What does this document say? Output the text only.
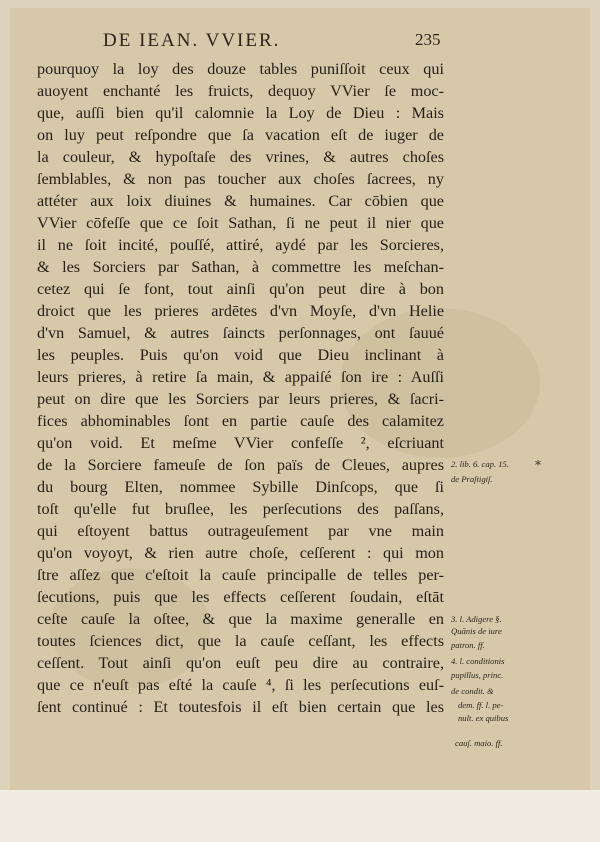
DE IEAN. VVIER.	235
pourquoy la loy des douze tables puniſſoit ceux qui
auoyent enchanté les fruicts, dequoy VVier ſe moc-
que, auſſi bien qu'il calomnie la Loy de Dieu : Mais
on luy peut reſpondre que ſa vacation eſt de iuger de
la couleur, & hypoſtaſe des vrines, & autres choſes
ſemblables, & non pas toucher aux choſes ſacrees, ny
attéter aux loix diuines & humaines. Car cōbien que
VVier cōfeſſe que ce ſoit Sathan, ſi ne peut il nier que
il ne ſoit incité, pouſſé, attiré, aydé par les Sorcieres,
& les Sorciers par Sathan, à commettre les meſchan-
cetez qui ſe font, tout ainſi qu'on peut dire à bon
droict que les prieres ardētes d'vn Moyſe, d'vn Helie
d'vn Samuel, & autres ſaincts perſonnages, ont ſauué
les peuples. Puis qu'on void que Dieu inclinant à
leurs prieres, à retire ſa main, & appaiſé ſon ire : Auſſi
peut on dire que les Sorciers par leurs prieres, & ſacri-
fices abhominables ſont en partie cauſe des calamitez
qu'on void. Et meſme VVier confeſſe ², eſcriuant
de la Sorciere fameuſe de ſon païs de Cleues, aupres
du bourg Elten, nommee Sybille Dinſcops, que ſi
toſt qu'elle fut bruſlee, les perſecutions des paſſans,
qui eſtoyent battus outrageuſement par vne main
qu'on voyoyt, & rien autre choſe, ceſſerent : qui mon
ſtre aſſez que c'eſtoit la cauſe principalle de telles per-
ſecutions, puis que les effects ceſſerent ſoudain, eſtāt
ceſte cauſe la oſtee, & que la maxime generalle en
toutes ſciences dict, que la cauſe ceſſant, les effects
ceſſent. Tout ainſi qu'on euſt peu dire au contraire,
que ce n'euſt pas eſté la cauſe ⁴, ſi les perſecutions euſ-
ſent continué : Et toutesfois il eſt bien certain que les
2. lib. 6. cap. 15.
de Praſtigiſ.
3. l. Adigere §.
Quānis de iure
patron. ff.
4. l. conditionis
pupillus, princ.
de condit. &
dem. ff. l. pe-
nult. ex quibus
cauſ. maio. ff.
*
